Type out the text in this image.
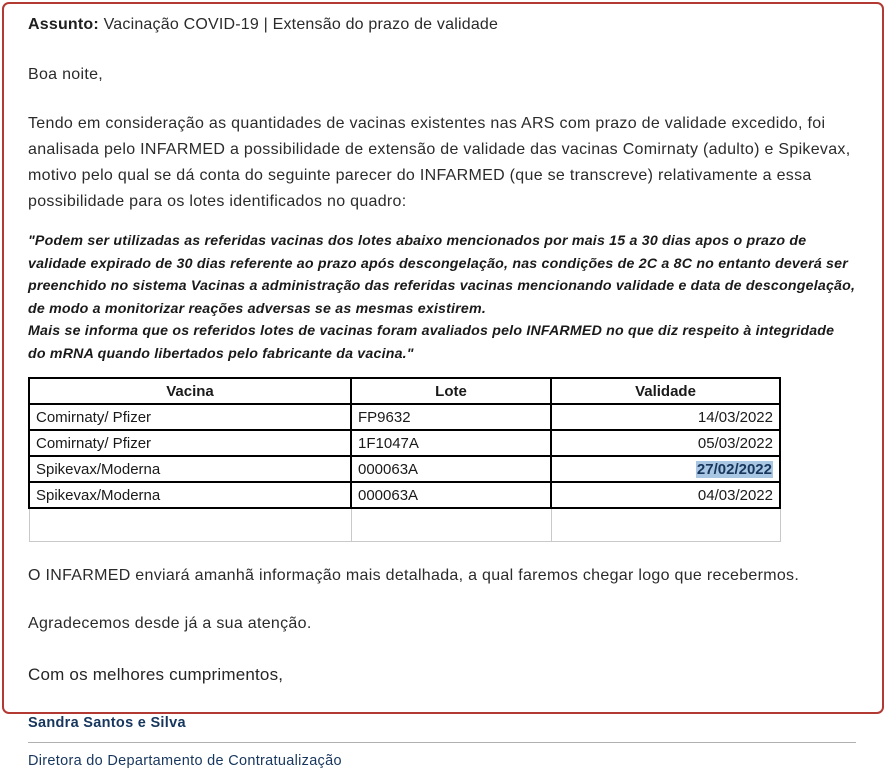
Assunto: Vacinação COVID-19 | Extensão do prazo de validade

Boa noite,

Tendo em consideração as quantidades de vacinas existentes nas ARS com prazo de validade excedido, foi analisada pelo INFARMED a possibilidade de extensão de validade das vacinas Comirnaty (adulto) e Spikevax, motivo pelo qual se dá conta do seguinte parecer do INFARMED (que se transcreve) relativamente a essa possibilidade para os lotes identificados no quadro:

"Podem ser utilizadas as referidas vacinas dos lotes abaixo mencionados por mais 15 a 30 dias apos o prazo de validade expirado de 30 dias referente ao prazo após descongelação, nas condições de 2C a 8C no entanto deverá ser preenchido no sistema Vacinas a administração das referidas vacinas mencionando validade e data de descongelação, de modo a monitorizar reações adversas se as mesmas existirem.

Mais se informa que os referidos lotes de vacinas foram avaliados pelo INFARMED no que diz respeito à integridade do mRNA quando libertados pelo fabricante da vacina."

Vacina	Lote	Validade
Comirnaty/ Pfizer	FP9632	14/03/2022
Comirnaty/ Pfizer	1F1047A	05/03/2022
Spikevax/Moderna	000063A	27/02/2022
Spikevax/Moderna	000063A	04/03/2022

O INFARMED enviará amanhã informação mais detalhada, a qual faremos chegar logo que recebermos.

Agradecemos desde já a sua atenção.

Com os melhores cumprimentos,

Sandra Santos e Silva

Diretora do Departamento de Contratualização
